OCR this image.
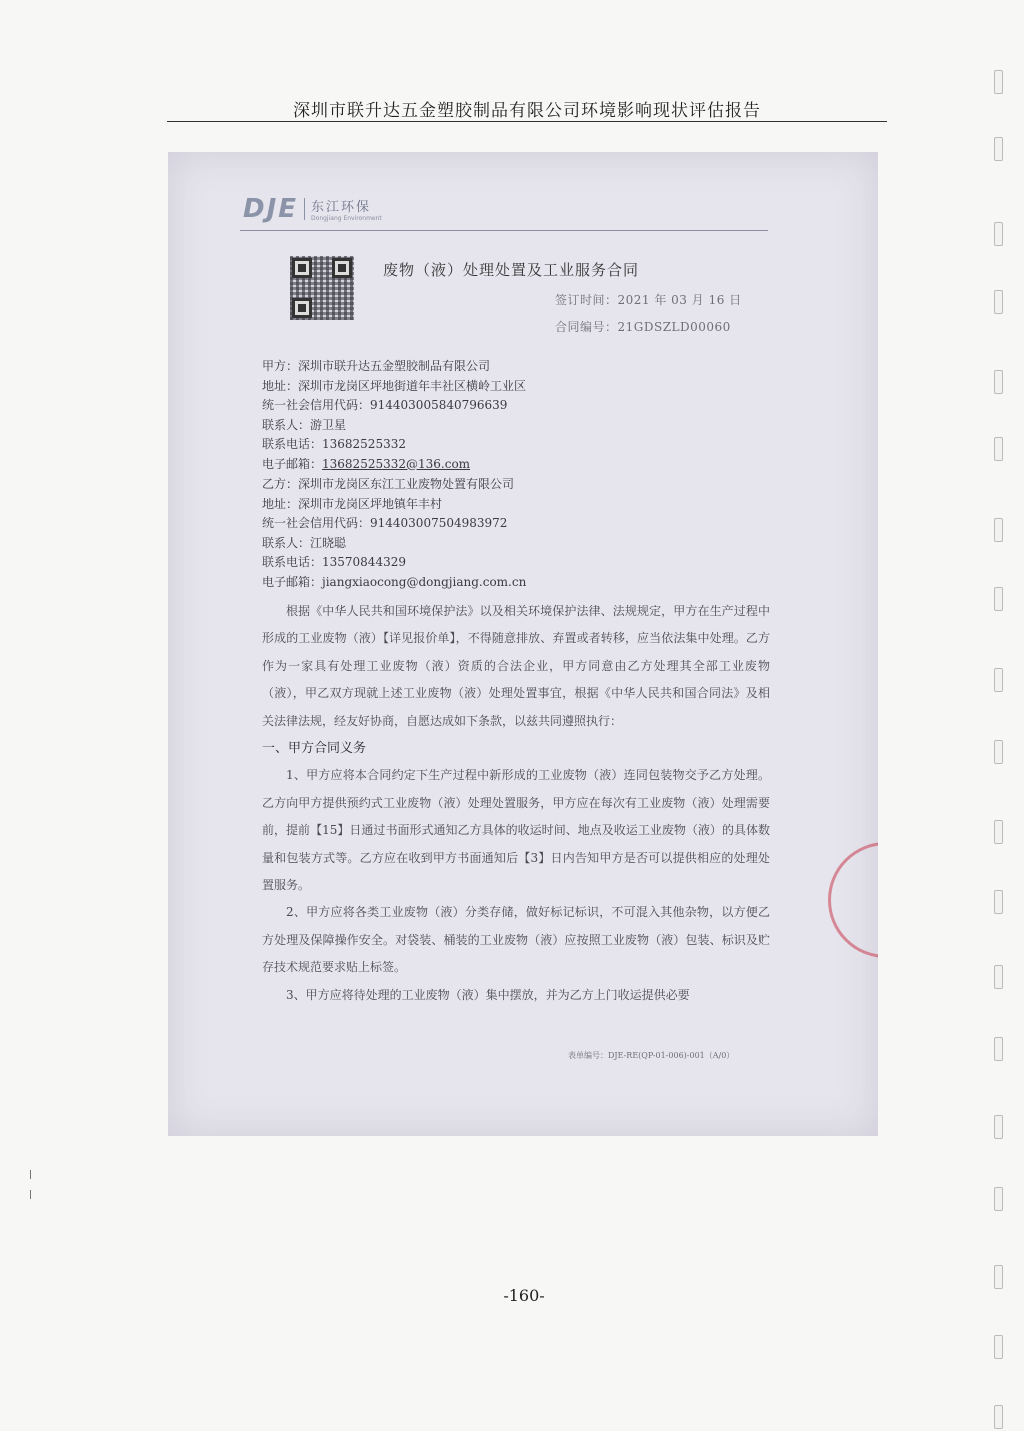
深圳市联升达五金塑胶制品有限公司环境影响现状评估报告
DJE 东江环保
Dongjiang Environment
废物（液）处理处置及工业服务合同
签订时间：2021 年 03 月 16 日
合同编号：21GDSZLD00060
甲方：深圳市联升达五金塑胶制品有限公司
地址：深圳市龙岗区坪地街道年丰社区横岭工业区
统一社会信用代码：914403005840796639
联系人：游卫星
联系电话：13682525332
电子邮箱：13682525332@136.com
乙方：深圳市龙岗区东江工业废物处置有限公司
地址：深圳市龙岗区坪地镇年丰村
统一社会信用代码：914403007504983972
联系人：江晓聪
联系电话：13570844329
电子邮箱：jiangxiaocong@dongjiang.com.cn

根据《中华人民共和国环境保护法》以及相关环境保护法律、法规规定，甲方在生产过程中形成的工业废物（液）【详见报价单】，不得随意排放、弃置或者转移，应当依法集中处理。乙方作为一家具有处理工业废物（液）资质的合法企业，甲方同意由乙方处理其全部工业废物（液），甲乙双方现就上述工业废物（液）处理处置事宜，根据《中华人民共和国合同法》及相关法律法规，经友好协商，自愿达成如下条款，以兹共同遵照执行：

一、甲方合同义务

1、甲方应将本合同约定下生产过程中新形成的工业废物（液）连同包装物交予乙方处理。乙方向甲方提供预约式工业废物（液）处理处置服务，甲方应在每次有工业废物（液）处理需要前，提前【15】日通过书面形式通知乙方具体的收运时间、地点及收运工业废物（液）的具体数量和包装方式等。乙方应在收到甲方书面通知后【3】日内告知甲方是否可以提供相应的处理处置服务。

2、甲方应将各类工业废物（液）分类存储，做好标记标识，不可混入其他杂物，以方便乙方处理及保障操作安全。对袋装、桶装的工业废物（液）应按照工业废物（液）包装、标识及贮存技术规范要求贴上标签。

3、甲方应将待处理的工业废物（液）集中摆放，并为乙方上门收运提供必要

表单编号：DJE-RE(QP-01-006)-001（A/0）
-160-
